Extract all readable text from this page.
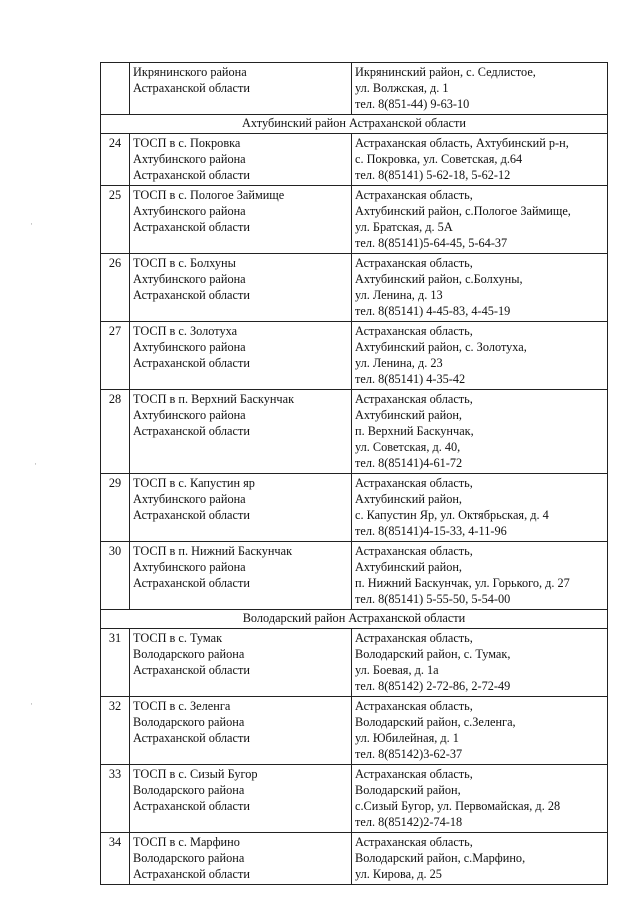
·
·
·

	Икрянинского района
Астраханской области	Икрянинский район, с. Седлистое,
ул. Волжская, д. 1
тел. 8(851-44) 9-63-10

Ахтубинский район Астраханской области		
24	ТОСП в с. Покровка
Ахтубинского района
Астраханской области	Астраханская область, Ахтубинский р-н,
с. Покровка, ул. Советская, д.64
тел. 8(85141) 5-62-18, 5-62-12

25	ТОСП в с. Пологое Займище
Ахтубинского района
Астраханской области	Астраханская область,
Ахтубинский район, с.Пологое Займище,
ул. Братская, д. 5А
тел. 8(85141)5-64-45, 5-64-37

26	ТОСП в с. Болхуны
Ахтубинского района
Астраханской области	Астраханская область,
Ахтубинский район, с.Болхуны,
ул. Ленина, д. 13
тел. 8(85141) 4-45-83, 4-45-19

27	ТОСП в с. Золотуха
Ахтубинского района
Астраханской области	Астраханская область,
Ахтубинский район, с. Золотуха,
ул. Ленина, д. 23
тел. 8(85141) 4-35-42

28	ТОСП в п. Верхний Баскунчак
Ахтубинского района
Астраханской области	Астраханская область,
Ахтубинский район,
п. Верхний Баскунчак,
ул. Советская, д. 40,
тел. 8(85141)4-61-72

29	ТОСП в с. Капустин яр
Ахтубинского района
Астраханской области	Астраханская область,
Ахтубинский район,
с. Капустин Яр, ул. Октябрьская, д. 4
тел. 8(85141)4-15-33, 4-11-96

30	ТОСП в п. Нижний Баскунчак
Ахтубинского района
Астраханской области	Астраханская область,
Ахтубинский район,
п. Нижний Баскунчак, ул. Горького, д. 27
тел. 8(85141) 5-55-50, 5-54-00

Володарский район Астраханской области		
31	ТОСП в с. Тумак
Володарского района
Астраханской области	Астраханская область,
Володарский район, с. Тумак,
ул. Боевая, д. 1а
тел. 8(85142) 2-72-86, 2-72-49

32	ТОСП в с. Зеленга
Володарского района
Астраханской области	Астраханская область,
Володарский район, с.Зеленга,
ул. Юбилейная, д. 1
тел. 8(85142)3-62-37

33	ТОСП в с. Сизый Бугор
Володарского района
Астраханской области	Астраханская область,
Володарский район,
с.Сизый Бугор, ул. Первомайская, д. 28
тел. 8(85142)2-74-18

34	ТОСП в с. Марфино
Володарского района
Астраханской области	Астраханская область,
Володарский район, с.Марфино,
ул. Кирова, д. 25
